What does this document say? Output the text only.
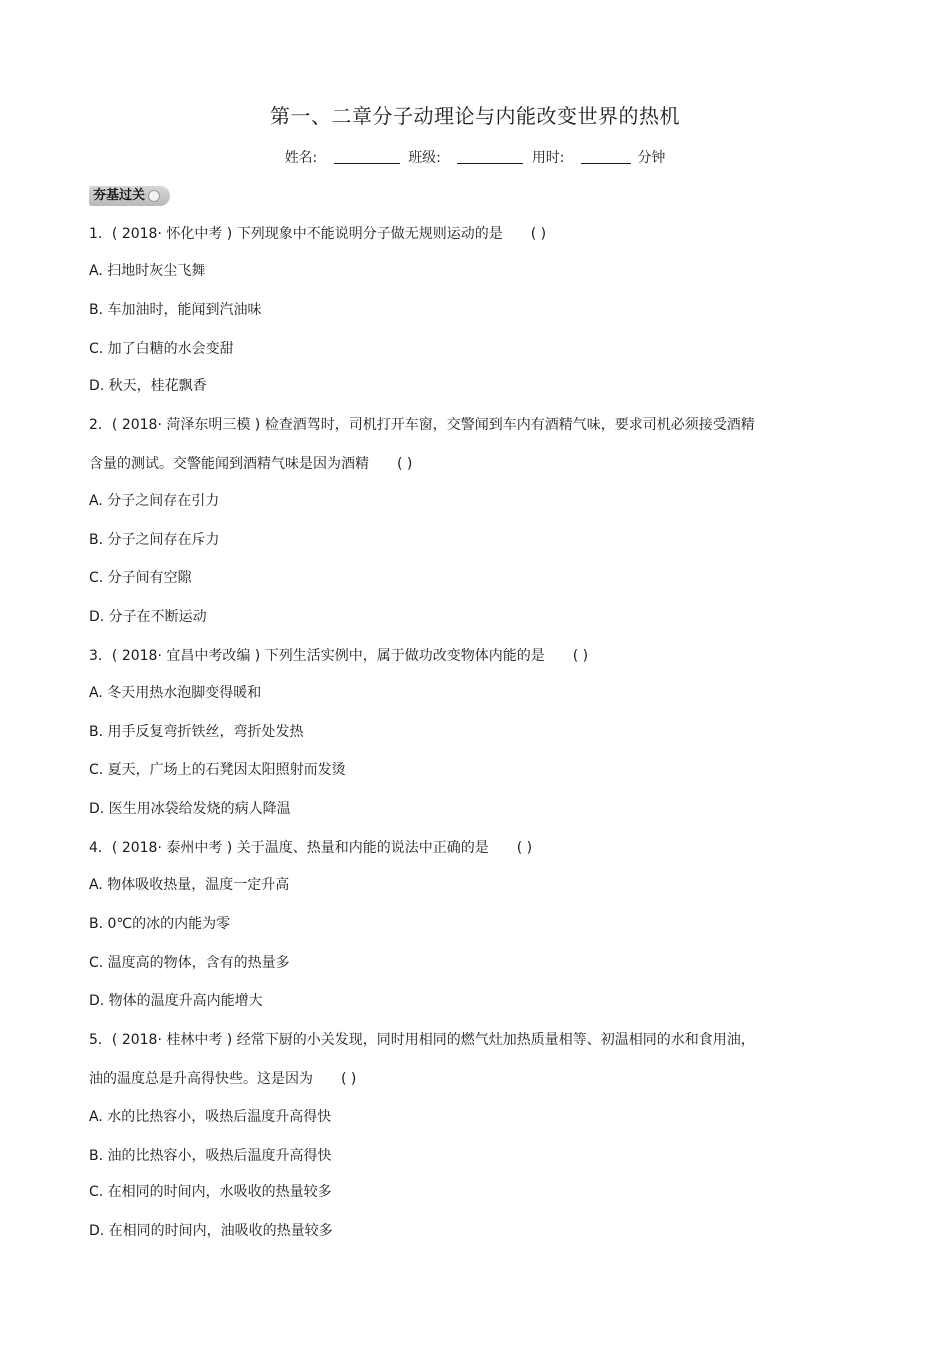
第一、二章分子动理论与内能改变世界的热机
姓名:	班级:	用时:	分钟
夯基过关
1．( 2018· 怀化中考 ) 下列现象中不能说明分子做无规则运动的是 ( )
A. 扫地时灰尘飞舞
B. 车加油时，能闻到汽油味
C. 加了白糖的水会变甜
D. 秋天，桂花飘香
2．( 2018· 菏泽东明三模 ) 检查酒驾时，司机打开车窗，交警闻到车内有酒精气味，要求司机必须接受酒精
含量的测试。交警能闻到酒精气味是因为酒精 ( )
A. 分子之间存在引力
B. 分子之间存在斥力
C. 分子间有空隙
D. 分子在不断运动
3．( 2018· 宜昌中考改编 ) 下列生活实例中，属于做功改变物体内能的是 ( )
A. 冬天用热水泡脚变得暖和
B. 用手反复弯折铁丝，弯折处发热
C. 夏天，广场上的石凳因太阳照射而发烫
D. 医生用冰袋给发烧的病人降温
4．( 2018· 泰州中考 ) 关于温度、热量和内能的说法中正确的是 ( )
A. 物体吸收热量，温度一定升高
B. 0℃的冰的内能为零
C. 温度高的物体，含有的热量多
D. 物体的温度升高内能增大
5．( 2018· 桂林中考 ) 经常下厨的小关发现，同时用相同的燃气灶加热质量相等、初温相同的水和食用油，
油的温度总是升高得快些。这是因为 ( )
A. 水的比热容小，吸热后温度升高得快
B. 油的比热容小，吸热后温度升高得快
C. 在相同的时间内，水吸收的热量较多
D. 在相同的时间内，油吸收的热量较多
